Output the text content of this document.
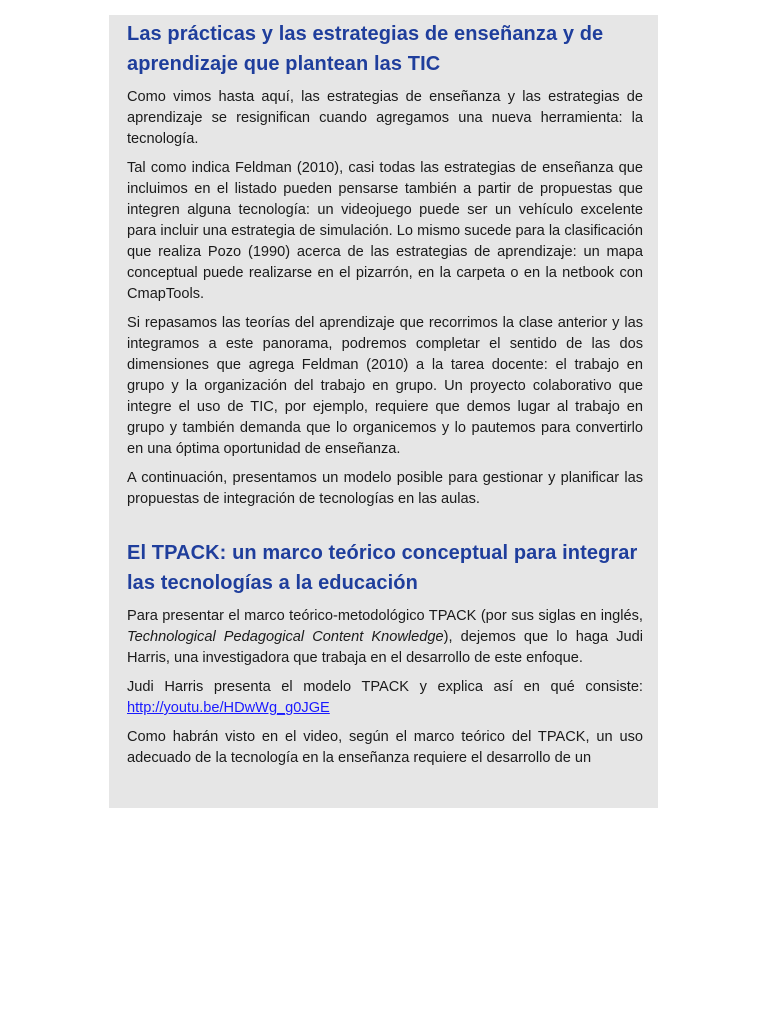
Las prácticas y las estrategias de enseñanza y de aprendizaje que plantean las TIC

Como vimos hasta aquí, las estrategias de enseñanza y las estrategias de aprendizaje se resignifican cuando agregamos una nueva herramienta: la tecnología.

Tal como indica Feldman (2010), casi todas las estrategias de enseñanza que incluimos en el listado pueden pensarse también a partir de propuestas que integren alguna tecnología: un videojuego puede ser un vehículo excelente para incluir una estrategia de simulación. Lo mismo sucede para la clasificación que realiza Pozo (1990) acerca de las estrategias de aprendizaje: un mapa conceptual puede realizarse en el pizarrón, en la carpeta o en la netbook con CmapTools.

Si repasamos las teorías del aprendizaje que recorrimos la clase anterior y las integramos a este panorama, podremos completar el sentido de las dos dimensiones que agrega Feldman (2010) a la tarea docente: el trabajo en grupo y la organización del trabajo en grupo. Un proyecto colaborativo que integre el uso de TIC, por ejemplo, requiere que demos lugar al trabajo en grupo y también demanda que lo organicemos y lo pautemos para convertirlo en una óptima oportunidad de enseñanza.

A continuación, presentamos un modelo posible para gestionar y planificar las propuestas de integración de tecnologías en las aulas.

El TPACK: un marco teórico conceptual para integrar las tecnologías a la educación

Para presentar el marco teórico-metodológico TPACK (por sus siglas en inglés, Technological Pedagogical Content Knowledge), dejemos que lo haga Judi Harris, una investigadora que trabaja en el desarrollo de este enfoque.

Judi Harris presenta el modelo TPACK y explica así en qué consiste: http://youtu.be/HDwWg_g0JGE

Como habrán visto en el video, según el marco teórico del TPACK, un uso adecuado de la tecnología en la enseñanza requiere el desarrollo de un
